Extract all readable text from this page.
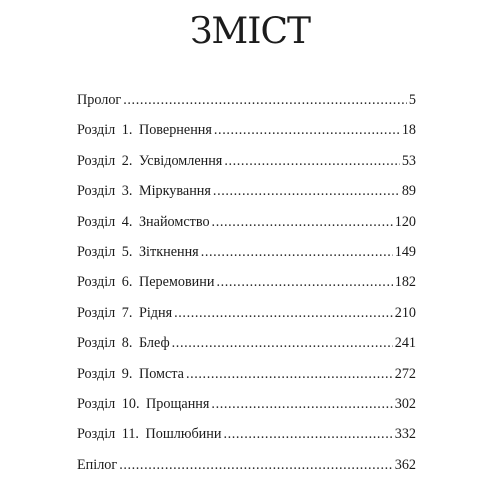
ЗМІСТ
Пролог .....	5
Розділ 1. Повернення .....	18
Розділ 2. Усвідомлення .....	53
Розділ 3. Міркування .....	89
Розділ 4. Знайомство .....	120
Розділ 5. Зіткнення .....	149
Розділ 6. Перемовини .....	182
Розділ 7. Рідня .....	210
Розділ 8. Блеф .....	241
Розділ 9. Помста .....	272
Розділ 10. Прощання .....	302
Розділ 11. Пошлюбини .....	332
Епілог .....	362
